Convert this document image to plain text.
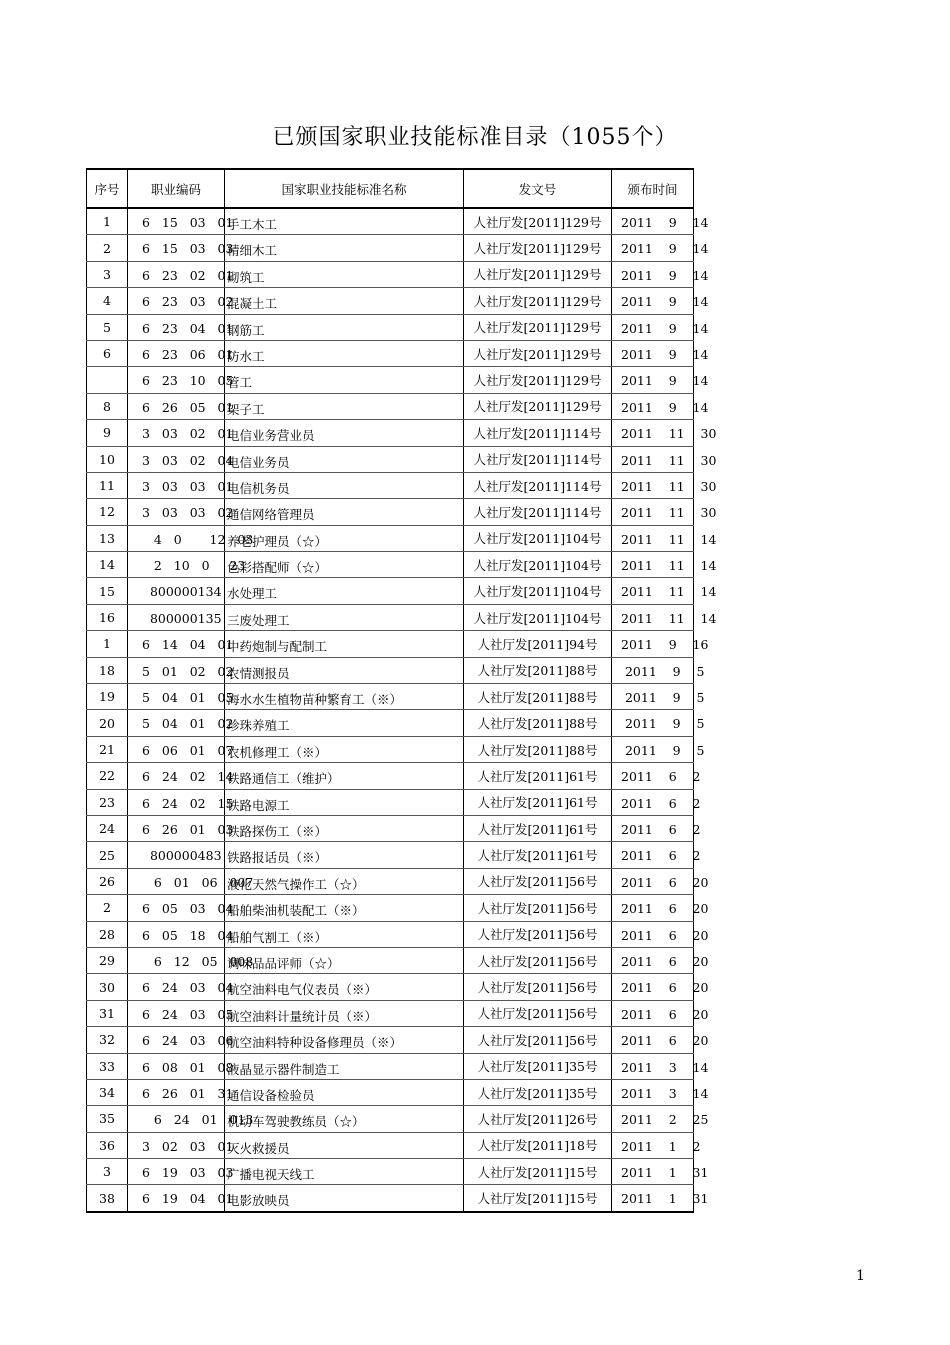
已颁国家职业技能标准目录（1055个）
序号	职业编码	国家职业技能标准名称	发文号	颁布时间
1	6   15   03   01	手工木工	人社厅发[2011]129号	2011    9    14

2	6   15   03   03	精细木工	人社厅发[2011]129号	2011    9    14

3	6   23   02   01	砌筑工	人社厅发[2011]129号	2011    9    14

4	6   23   03   02	混凝土工	人社厅发[2011]129号	2011    9    14

5	6   23   04   01	钢筋工	人社厅发[2011]129号	2011    9    14

6	6   23   06   01	防水工	人社厅发[2011]129号	2011    9    14

	6   23   10   05	管工	人社厅发[2011]129号	2011    9    14

8	6   26   05   01	架子工	人社厅发[2011]129号	2011    9    14

9	3   03   02   01	电信业务营业员	人社厅发[2011]114号	2011    11    30

10	3   03   02   04	电信业务员	人社厅发[2011]114号	2011    11    30

11	3   03   03   01	电信机务员	人社厅发[2011]114号	2011    11    30

12	3   03   03   02	通信网络管理员	人社厅发[2011]114号	2011    11    30

13	4   0       12   03	养老护理员（☆）	人社厅发[2011]104号	2011    11    14

14	2   10   0     23	色彩搭配师（☆）	人社厅发[2011]104号	2011    11    14

15	800000134	水处理工	人社厅发[2011]104号	2011    11    14

16	800000135	三废处理工	人社厅发[2011]104号	2011    11    14

1	6   14   04   01	中药炮制与配制工	人社厅发[2011]94号	2011    9    16

18	5   01   02   02	农情测报员	人社厅发[2011]88号	2011    9    5

19	5   04   01   05	海水水生植物苗种繁育工（※）	人社厅发[2011]88号	2011    9    5

20	5   04   01   02	珍珠养殖工	人社厅发[2011]88号	2011    9    5

21	6   06   01   07	农机修理工（※）	人社厅发[2011]88号	2011    9    5

22	6   24   02   14	铁路通信工（维护）	人社厅发[2011]61号	2011    6    2

23	6   24   02   15	铁路电源工	人社厅发[2011]61号	2011    6    2

24	6   26   01   03	铁路探伤工（※）	人社厅发[2011]61号	2011    6    2

25	800000483	铁路报话员（※）	人社厅发[2011]61号	2011    6    2

26	6   01   06   007	液化天然气操作工（☆）	人社厅发[2011]56号	2011    6    20

2	6   05   03   04	船舶柴油机装配工（※）	人社厅发[2011]56号	2011    6    20

28	6   05   18   04	船舶气割工（※）	人社厅发[2011]56号	2011    6    20

29	6   12   05   008	调味品品评师（☆）	人社厅发[2011]56号	2011    6    20

30	6   24   03   04	航空油料电气仪表员（※）	人社厅发[2011]56号	2011    6    20

31	6   24   03   05	航空油料计量统计员（※）	人社厅发[2011]56号	2011    6    20

32	6   24   03   06	航空油料特种设备修理员（※）	人社厅发[2011]56号	2011    6    20

33	6   08   01   08	液晶显示器件制造工	人社厅发[2011]35号	2011    3    14

34	6   26   01   31	通信设备检验员	人社厅发[2011]35号	2011    3    14

35	6   24   01   013	机动车驾驶教练员（☆）	人社厅发[2011]26号	2011    2    25

36	3   02   03   01	灭火救援员	人社厅发[2011]18号	2011    1    2

3	6   19   03   03	广播电视天线工	人社厅发[2011]15号	2011    1    31

38	6   19   04   01	电影放映员	人社厅发[2011]15号	2011    1    31
1
